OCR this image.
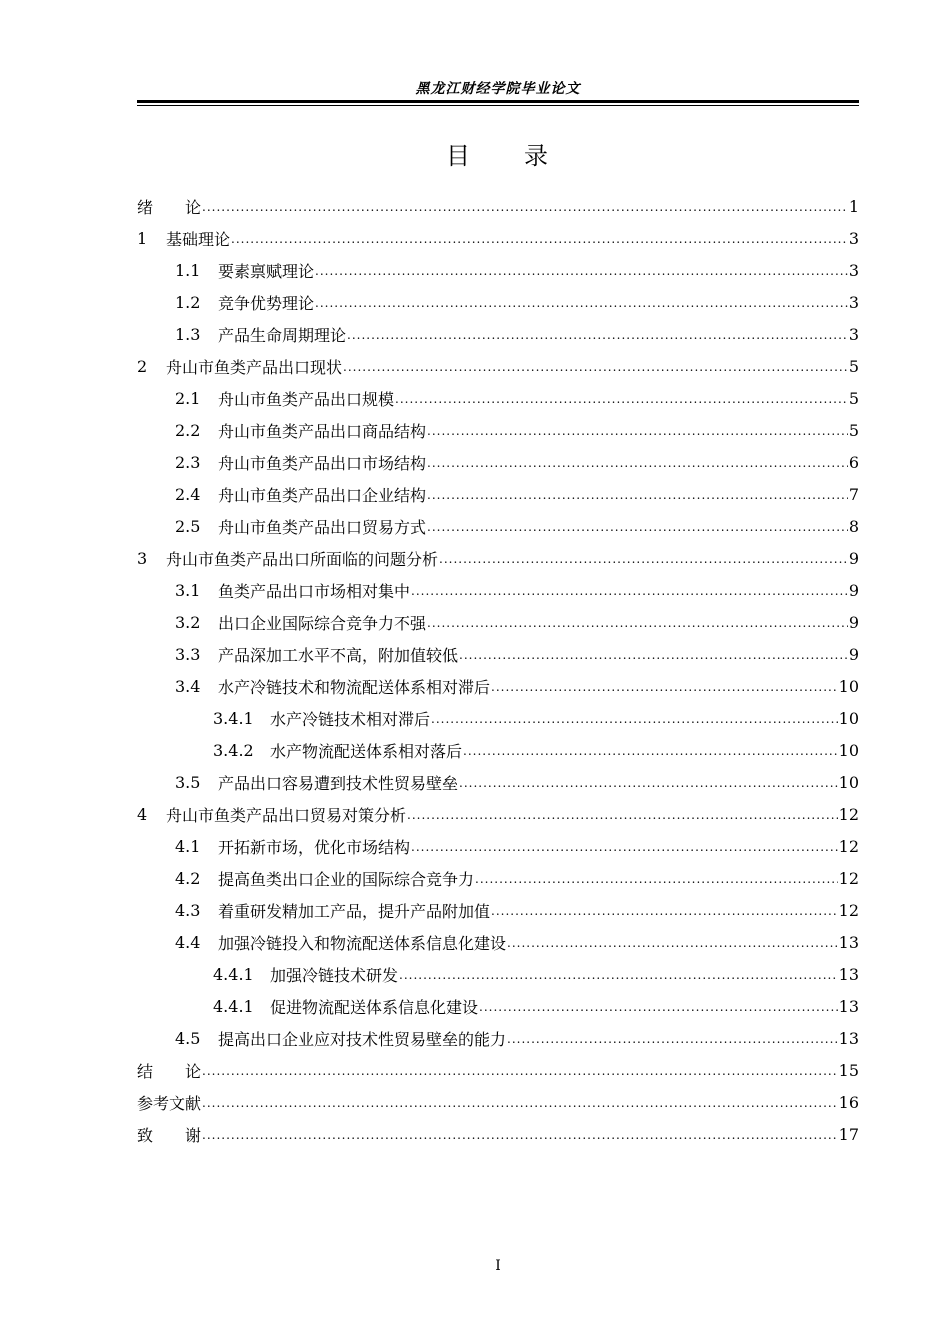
黑龙江财经学院毕业论文
目 录
绪　　论 .....	1
1	基础理论 .....	3
1.1	要素禀赋理论 .....	3
1.2	竞争优势理论 .....	3
1.3	产品生命周期理论 .....	3
2	舟山市鱼类产品出口现状 .....	5
2.1	舟山市鱼类产品出口规模 .....	5
2.2	舟山市鱼类产品出口商品结构 .....	5
2.3	舟山市鱼类产品出口市场结构 .....	6
2.4	舟山市鱼类产品出口企业结构 .....	7
2.5	舟山市鱼类产品出口贸易方式 .....	8
3	舟山市鱼类产品出口所面临的问题分析 .....	9
3.1	鱼类产品出口市场相对集中 .....	9
3.2	出口企业国际综合竞争力不强 .....	9
3.3	产品深加工水平不高，附加值较低 .....	9
3.4	水产冷链技术和物流配送体系相对滞后 .....	10
3.4.1	水产冷链技术相对滞后 .....	10
3.4.2	水产物流配送体系相对落后 .....	10
3.5	产品出口容易遭到技术性贸易壁垒 .....	10
4	舟山市鱼类产品出口贸易对策分析 .....	12
4.1	开拓新市场，优化市场结构 .....	12
4.2	提高鱼类出口企业的国际综合竞争力 .....	12
4.3	着重研发精加工产品，提升产品附加值 .....	12
4.4	加强冷链投入和物流配送体系信息化建设 .....	13
4.4.1	加强冷链技术研发 .....	13
4.4.1	促进物流配送体系信息化建设 .....	13
4.5	提高出口企业应对技术性贸易壁垒的能力 .....	13
结　　论 .....	15
参考文献 .....	16
致　　谢 .....	17
I
